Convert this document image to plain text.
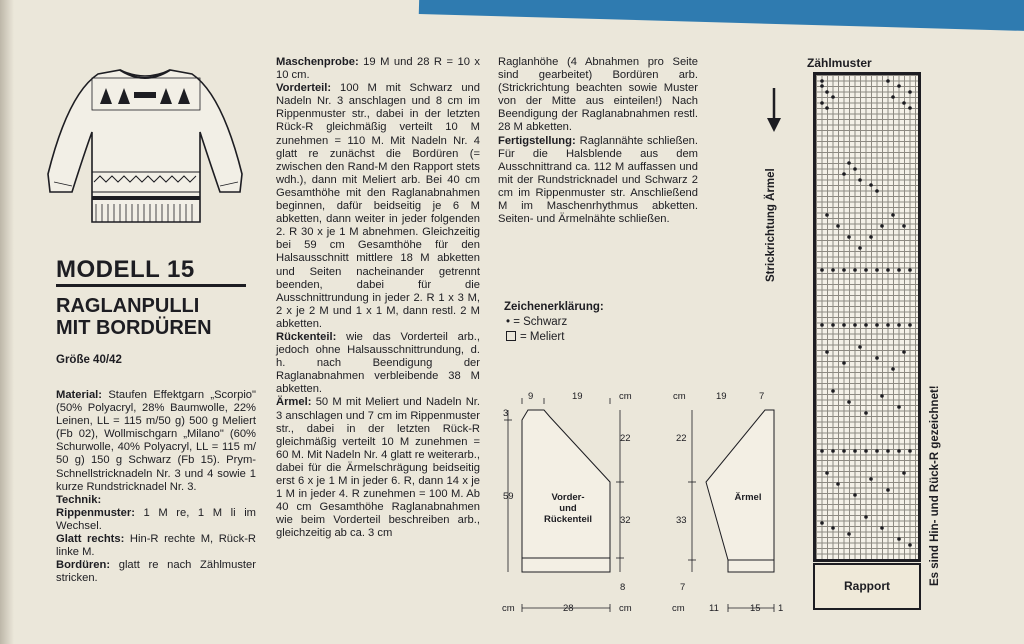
MODELL 15
RAGLANPULLI
MIT BORDÜREN
Größe 40/42

Material: Staufen Effektgarn „Scorpio" (50% Polyacryl, 28% Baumwolle, 22% Leinen, LL = 115 m/50 g) 500 g Meliert (Fb 02), Wollmischgarn „Milano" (60% Schurwolle, 40% Polyacryl, LL = 115 m/ 50 g) 150 g Schwarz (Fb 15). Prym-Schnellstricknadeln Nr. 3 und 4 sowie 1 kurze Rundstricknadel Nr. 3.

Technik:

Rippenmuster: 1 M re, 1 M li im Wechsel.

Glatt rechts: Hin-R rechte M, Rück-R linke M.

Bordüren: glatt re nach Zählmuster stricken.

Maschenprobe: 19 M und 28 R = 10 x 10 cm.

Vorderteil: 100 M mit Schwarz und Nadeln Nr. 3 anschlagen und 8 cm im Rippenmuster str., dabei in der letzten Rück-R gleichmäßig verteilt 10 M zunehmen = 110 M. Mit Nadeln Nr. 4 glatt re zunächst die Bordüren (= zwischen den Rand-M den Rapport stets wdh.), dann mit Meliert arb. Bei 40 cm Gesamthöhe mit den Raglanabnahmen beginnen, dafür beidseitig je 6 M abketten, dann weiter in jeder folgenden 2. R 30 x je 1 M abnehmen. Gleichzeitig bei 59 cm Gesamthöhe für den Halsausschnitt mittlere 18 M abketten und Seiten nacheinander getrennt beenden, dabei für die Ausschnittrundung in jeder 2. R 1 x 3 M, 2 x je 2 M und 1 x 1 M, dann restl. 2 M abketten.

Rückenteil: wie das Vorderteil arb., jedoch ohne Halsausschnittrundung, d. h. nach Beendigung der Raglanabnahmen verbleibende 38 M abketten.

Ärmel: 50 M mit Meliert und Nadeln Nr. 3 anschlagen und 7 cm im Rippenmuster str., dabei in der letzten Rück-R gleichmäßig verteilt 10 M zunehmen = 60 M. Mit Nadeln Nr. 4 glatt re weiterarb., dabei für die Ärmelschrägung beidseitig erst 6 x je 1 M in jeder 6. R, dann 14 x je 1 M in jeder 4. R zunehmen = 100 M. Ab 40 cm Gesamthöhe Raglanabnahmen wie beim Vorderteil beschreiben arb., gleichzeitig ab ca. 3 cm

Raglanhöhe (4 Abnahmen pro Seite sind gearbeitet) Bordüren arb. (Strickrichtung beachten sowie Muster von der Mitte aus einteilen!) Nach Beendigung der Raglanabnahmen restl. 28 M abketten.

Fertigstellung: Raglannähte schließen. Für die Halsblende aus dem Ausschnittrand ca. 112 M auffassen und mit der Rundstricknadel und Schwarz 2 cm im Rippenmuster str. Anschließend M im Maschenrhythmus abketten. Seiten- und Ärmelnähte schließen.

Zeichenerklärung:
• = Schwarz
= Meliert
9	19	cm
3
59
22
32
8
cm	28	cm
Vorder-
und
Rückenteil
cm	19	7
22
33
7
cm	11	15 1
Ärmel
Strickrichtung Ärmel
Zählmuster
Rapport	Es sind Hin- und Rück-R gezeichnet!
